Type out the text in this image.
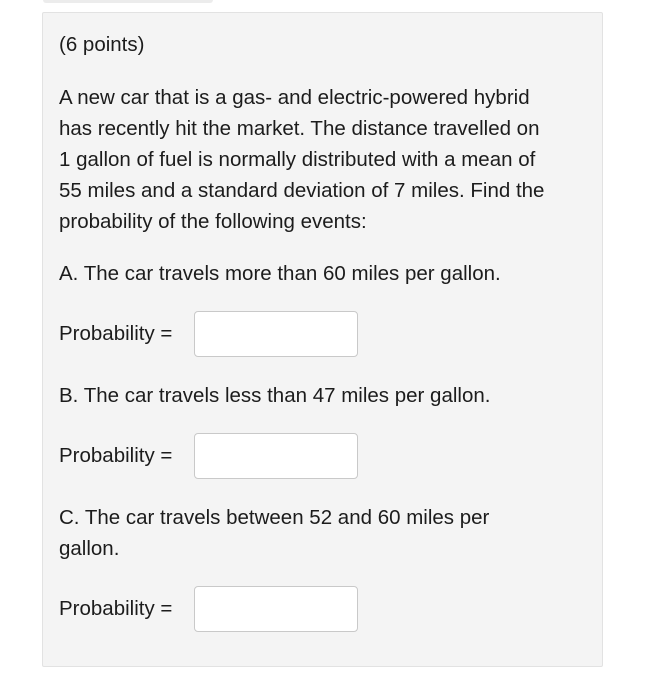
(6 points)

A new car that is a gas- and electric-powered hybrid
has recently hit the market. The distance travelled on
1 gallon of fuel is normally distributed with a mean of
55 miles and a standard deviation of 7 miles. Find the
probability of the following events:

A. The car travels more than 60 miles per gallon.

Probability =

B. The car travels less than 47 miles per gallon.

Probability =

C. The car travels between 52 and 60 miles per
gallon.

Probability =
